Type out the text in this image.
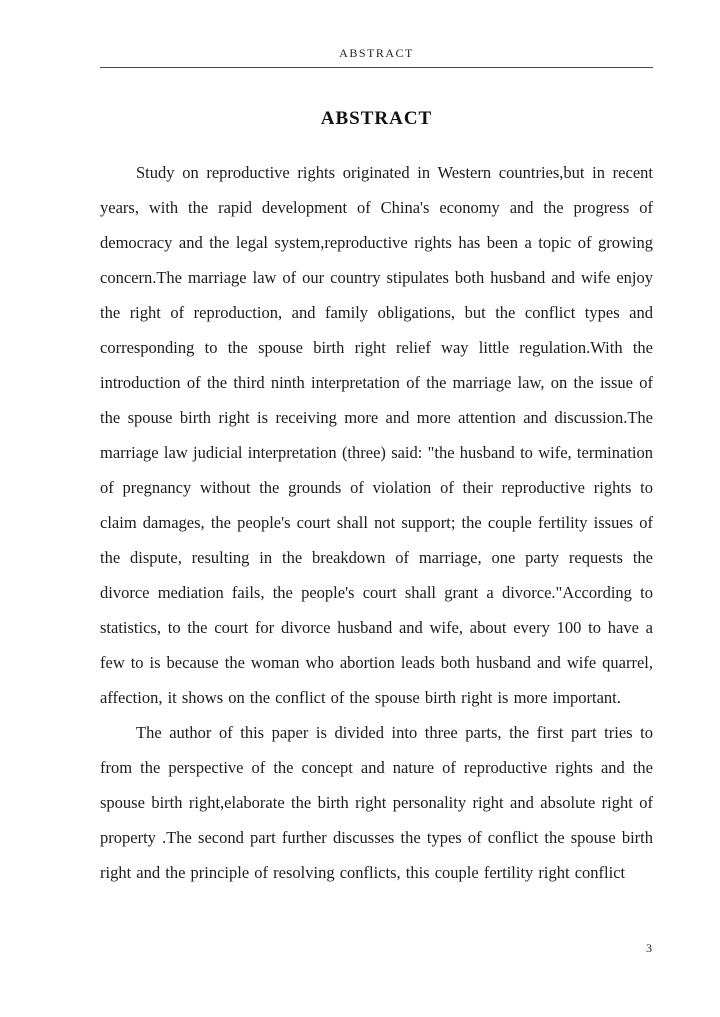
ABSTRACT
ABSTRACT

Study on reproductive rights originated in Western countries,but in recent years, with the rapid development of China's economy and the progress of democracy and the legal system,reproductive rights has been a topic of growing concern.The marriage law of our country stipulates both husband and wife enjoy the right of reproduction, and family obligations, but the conflict types and corresponding to the spouse birth right relief way little regulation.With the introduction of the third ninth interpretation of the marriage law, on the issue of the spouse birth right is receiving more and more attention and discussion.The marriage law judicial interpretation (three) said: "the husband to wife, termination of pregnancy without the grounds of violation of their reproductive rights to claim damages, the people's court shall not support; the couple fertility issues of the dispute, resulting in the breakdown of marriage, one party requests the divorce mediation fails, the people's court shall grant a divorce."According to statistics, to the court for divorce husband and wife, about every 100 to have a few to is because the woman who abortion leads both husband and wife quarrel, affection, it shows on the conflict of the spouse birth right is more important.

The author of this paper is divided into three parts, the first part tries to from the perspective of the concept and nature of reproductive rights and the spouse birth right,elaborate the birth right personality right and absolute right of property .The second part further discusses the types of conflict the spouse birth right and the principle of resolving conflicts, this couple fertility right conflict

3
